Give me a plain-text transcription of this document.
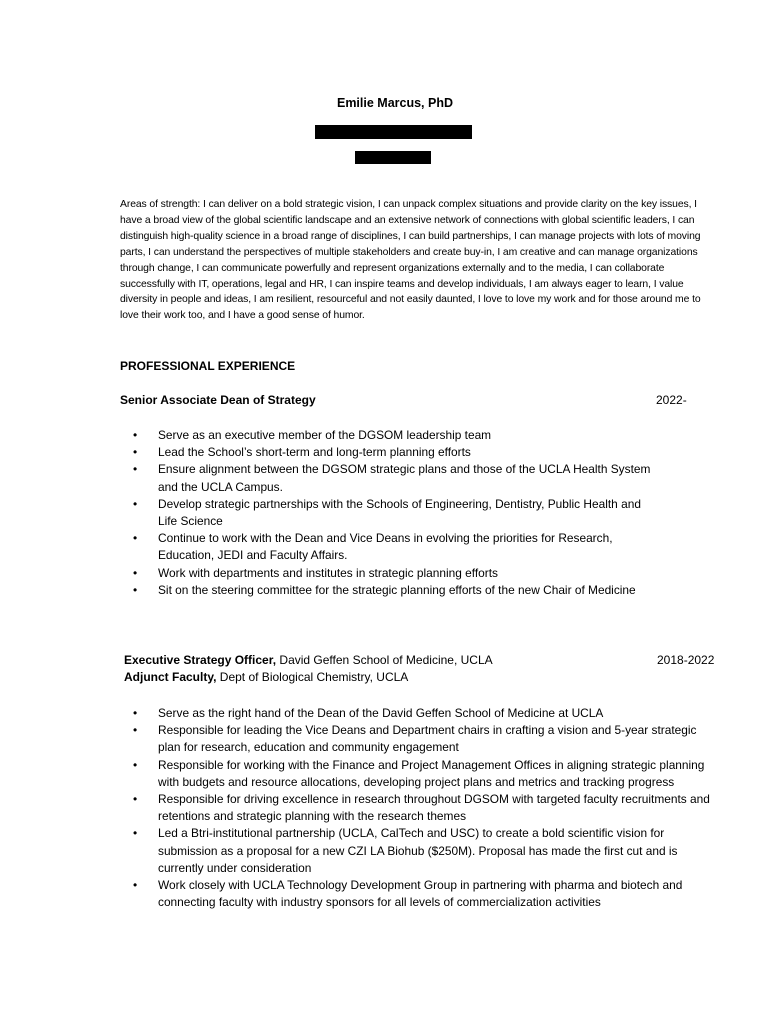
Emilie Marcus, PhD
Areas of strength: I can deliver on a bold strategic vision, I can unpack complex situations and provide clarity on the key issues, I have a broad view of the global scientific landscape and an extensive network of connections with global scientific leaders, I can distinguish high-quality science in a broad range of disciplines, I can build partnerships, I can manage projects with lots of moving parts, I can understand the perspectives of multiple stakeholders and create buy-in, I am creative and can manage organizations through change, I can communicate powerfully and represent organizations externally and to the media, I can collaborate successfully with IT, operations, legal and HR, I can inspire teams and develop individuals, I am always eager to learn, I value diversity in people and ideas, I am resilient, resourceful and not easily daunted, I love to love my work and for those around me to love their work too, and I have a good sense of humor.
PROFESSIONAL EXPERIENCE
Senior Associate Dean of Strategy	2022-
• Serve as an executive member of the DGSOM leadership team
• Lead the School’s short-term and long-term planning efforts
• Ensure alignment between the DGSOM strategic plans and those of the UCLA Health System and the UCLA Campus.
• Develop strategic partnerships with the Schools of Engineering, Dentistry, Public Health and Life Science
• Continue to work with the Dean and Vice Deans in evolving the priorities for Research, Education, JEDI and Faculty Affairs.
• Work with departments and institutes in strategic planning efforts
• Sit on the steering committee for the strategic planning efforts of the new Chair of Medicine
Executive Strategy Officer, David Geffen School of Medicine, UCLA	2018-2022
Adjunct Faculty, Dept of Biological Chemistry, UCLA
• Serve as the right hand of the Dean of the David Geffen School of Medicine at UCLA
• Responsible for leading the Vice Deans and Department chairs in crafting a vision and 5-year strategic plan for research, education and community engagement
• Responsible for working with the Finance and Project Management Offices in aligning strategic planning with budgets and resource allocations, developing project plans and metrics and tracking progress
• Responsible for driving excellence in research throughout DGSOM with targeted faculty recruitments and retentions and strategic planning with the research themes
• Led a Btri-institutional partnership (UCLA, CalTech and USC) to create a bold scientific vision for submission as a proposal for a new CZI LA Biohub ($250M). Proposal has made the first cut and is currently under consideration
• Work closely with UCLA Technology Development Group in partnering with pharma and biotech and connecting faculty with industry sponsors for all levels of commercialization activities
